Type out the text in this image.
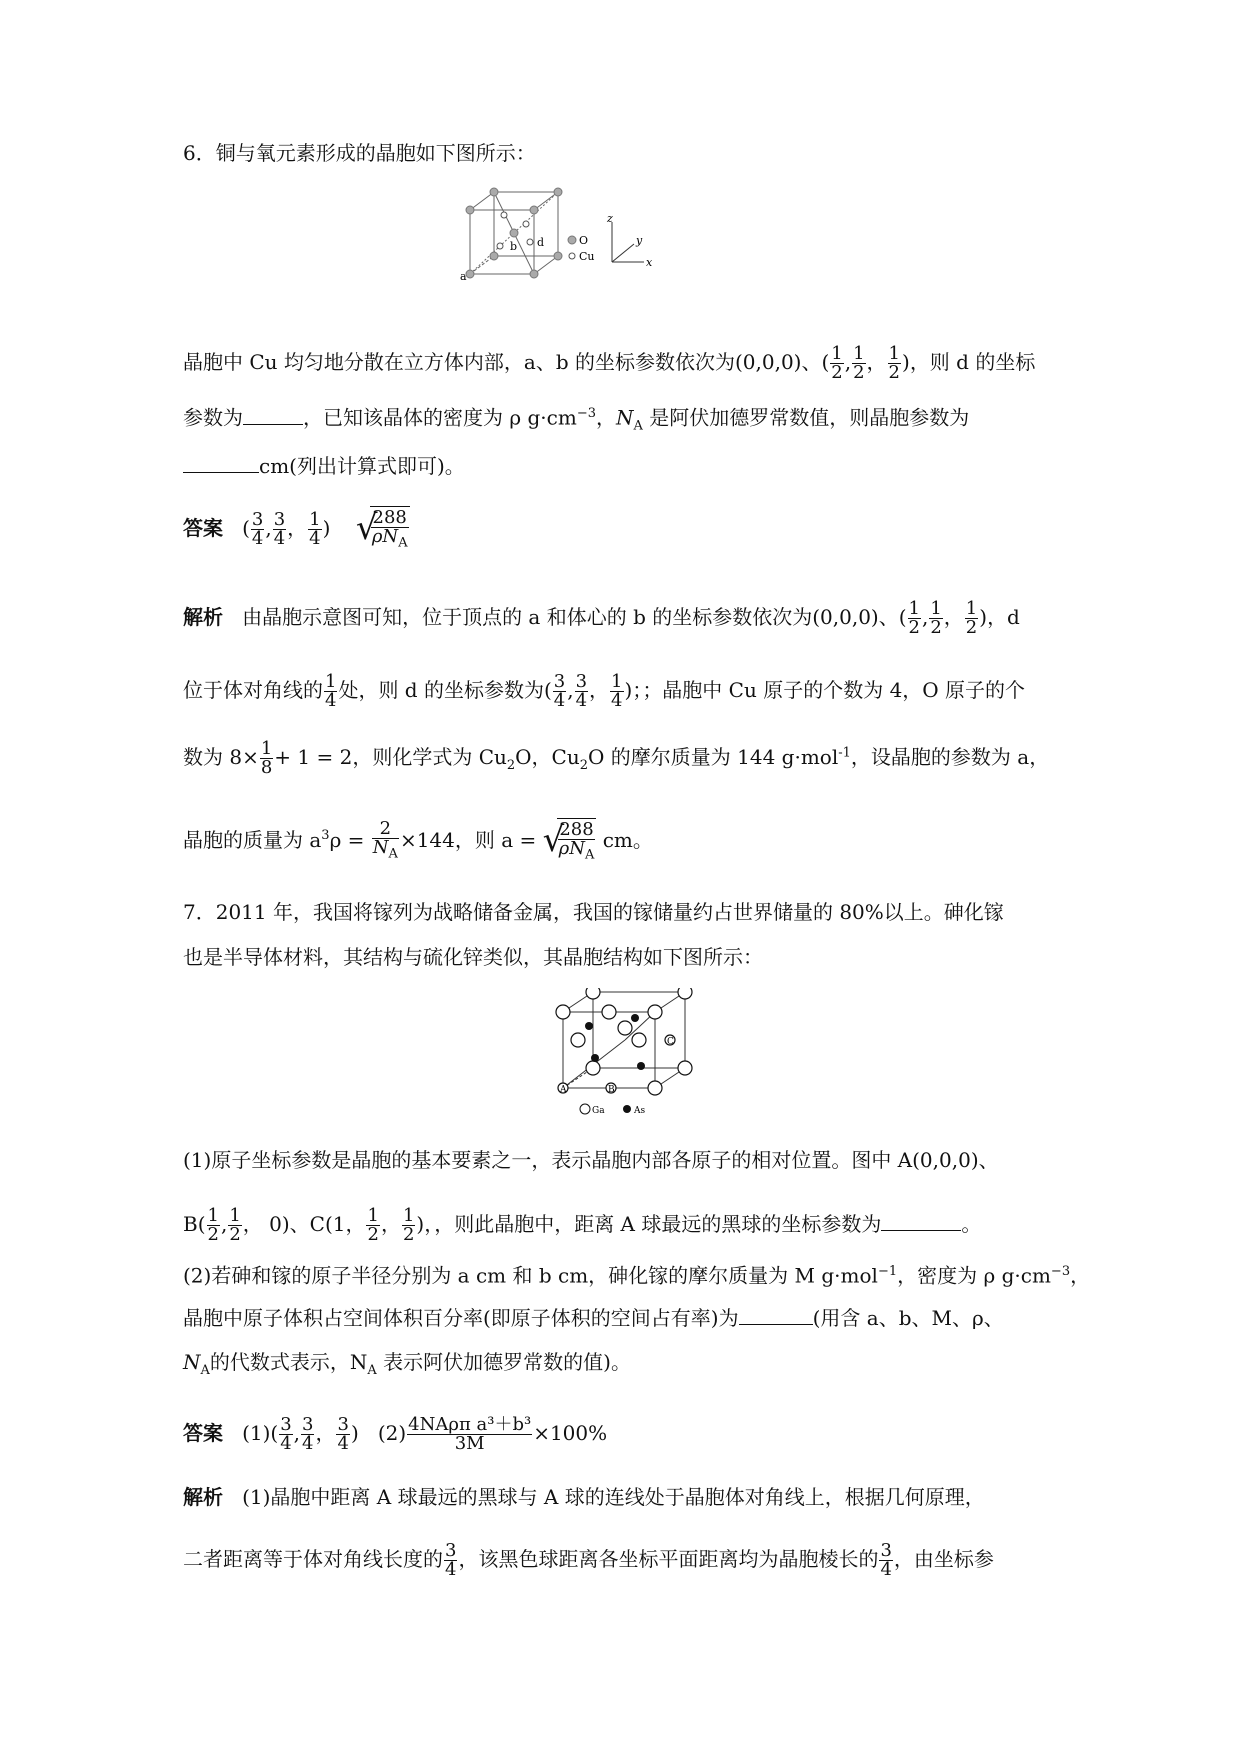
6．铜与氧元素形成的晶胞如下图所示：
a
b d	O
Cu
z
y
x
晶胞中 Cu 均匀地分散在立方体内部，a、b 的坐标参数依次为(0,0,0)、( $\frac{1}{2}$ , $\frac{1}{2}$ ， $\frac{1}{2}$ )，则 d 的坐标
参数为	，已知该晶体的密度为 ρ $g\cdot cm^{-3}$，$N_A$ 是阿伏加德罗常数值，则晶胞参数为
cm(列出计算式即可)。
答案   ( $\frac{3}{4}$ , $\frac{3}{4}$ ， $\frac{1}{4}$ ) √
$\frac{288}{\rho N_A}$
解析 由晶胞示意图可知，位于顶点的 a 和体心的 b 的坐标参数依次为(0,0,0)、( $\frac{1}{2}$ , $\frac{1}{2}$ ， $\frac{1}{2}$ )，d
位于体对角线的 $\frac{1}{4}$ 处，则 d 的坐标参数为( $\frac{3}{4}$ , $\frac{3}{4}$ ， $\frac{1}{4}$ )；；晶胞中 Cu 原子的个数为 4，O 原子的个
数为 $8\times \frac{1}{8} + 1 = 2$，则化学式为 $Cu_2O$，$Cu_2O$ 的摩尔质量为 144 g·mol$^{-1}$，设晶胞的参数为 a，
晶胞的质量为 $a^3\rho = \frac{2}{N_A} \times 144$，则 a = √
$\frac{288}{\rho N_A}$ cm。
7．2011 年，我国将镓列为战略储备金属，我国的镓储量约占世界储量的 80%以上。砷化镓
也是半导体材料，其结构与硫化锌类似，其晶胞结构如下图所示：
A	B
C
Ga	As
(1)原子坐标参数是晶胞的基本要素之一，表示晶胞内部各原子的相对位置。图中 A(0,0,0)、
$B( \frac{1}{2}$ , $\frac{1}{2}$ ， 0)、C(1， $\frac{1}{2}$ ， $\frac{1}{2}$ )，，则此晶胞中，距离 A 球最远的黑球的坐标参数为	。
(2)若砷和镓的原子半径分别为 a cm 和 b cm，砷化镓的摩尔质量为 M g·mol$^{-1}$，密度为 ρ $g\cdot cm^{-3}$，
晶胞中原子体积占空间体积百分率(即原子体积的空间占有率)为	(用含 a、b、M、ρ、
$N_A$的代数式表示，$N_A$ 表示阿伏加德罗常数的值)。
答案 $(1)( \frac{3}{4}$ , $\frac{3}{4}$ ， $\frac{3}{4}$ ) $(2) \frac{\text{4NAρπ a³＋b³}}{3M} \times 100\%$
解析 (1)晶胞中距离 A 球最远的黑球与 A 球的连线处于晶胞体对角线上，根据几何原理，
二者距离等于体对角线长度的 $\frac{3}{4}$ ，该黑色球距离各坐标平面距离均为晶胞棱长的 $\frac{3}{4}$ ，由坐标参
